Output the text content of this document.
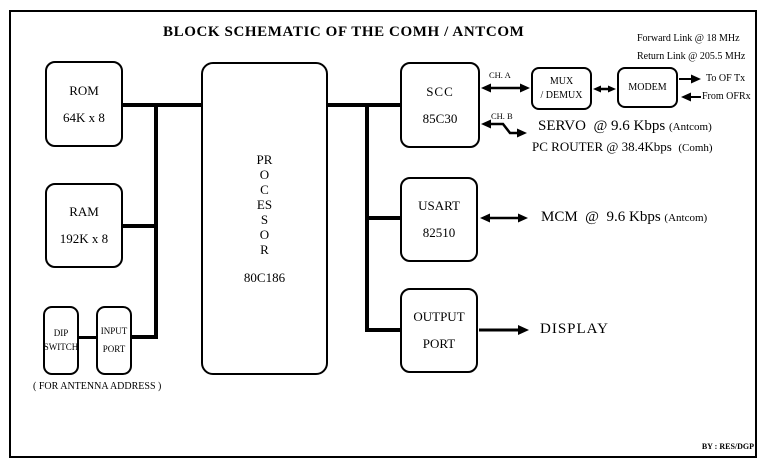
BLOCK SCHEMATIC OF THE COMH / ANTCOM
ROM
64K x 8
RAM
192K x 8
DIP
SWITCH
INPUT
PORT
PROCESSOR
80C186
SCC
85C30
USART
82510
OUTPUT
PORT
MUX
/ DEMUX
MODEM
CH. A
CH. B
Forward Link @ 18 MHz
Return Link @ 205.5 MHz
To OF Tx
From OFRx
SERVO  @ 9.6 Kbps (Antcom)
PC ROUTER @ 38.4Kbps  (Comh)
MCM  @  9.6 Kbps (Antcom)
DISPLAY
( FOR ANTENNA ADDRESS )
BY : RES/DGP
